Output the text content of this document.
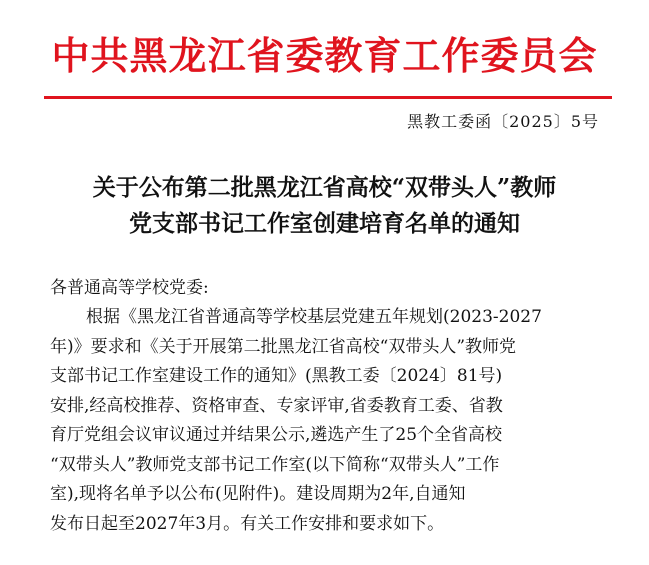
中共黑龙江省委教育工作委员会
黑教工委函〔2025〕5号
关于公布第二批黑龙江省高校“双带头人”教师
党支部书记工作室创建培育名单的通知
各普通高等学校党委:
根据《黑龙江省普通高等学校基层党建五年规划(2023-2027
年)》要求和《关于开展第二批黑龙江省高校“双带头人”教师党
支部书记工作室建设工作的通知》(黑教工委〔2024〕81号)
安排,经高校推荐、资格审查、专家评审,省委教育工委、省教
育厅党组会议审议通过并结果公示,遴选产生了25个全省高校
“双带头人”教师党支部书记工作室(以下简称“双带头人”工作
室),现将名单予以公布(见附件)。建设周期为2年,自通知
发布日起至2027年3月。有关工作安排和要求如下。
